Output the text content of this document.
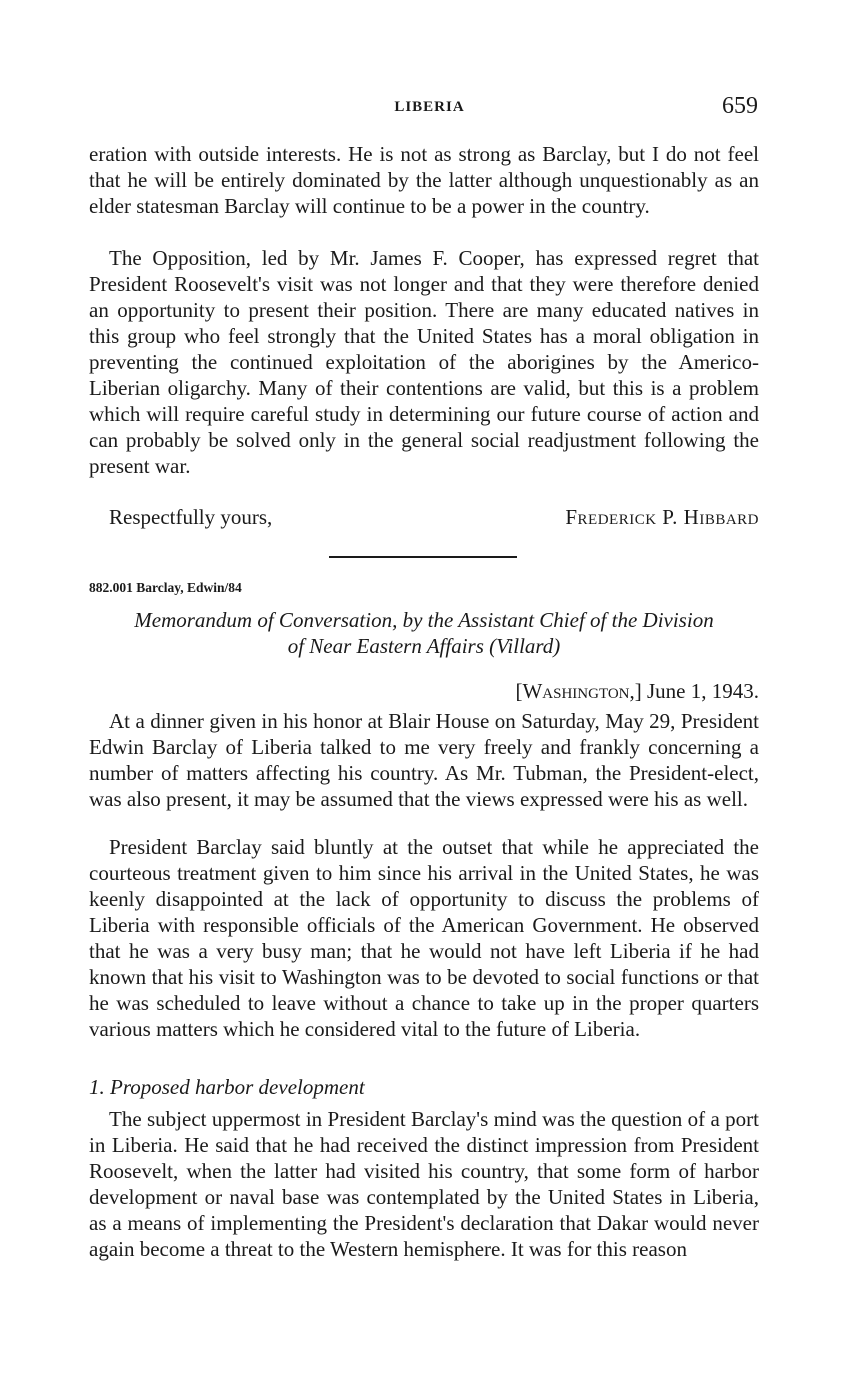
LIBERIA	659

eration with outside interests. He is not as strong as Barclay, but I do not feel that he will be entirely dominated by the latter although unquestionably as an elder statesman Barclay will continue to be a power in the country.

The Opposition, led by Mr. James F. Cooper, has expressed regret that President Roosevelt's visit was not longer and that they were therefore denied an opportunity to present their position. There are many educated natives in this group who feel strongly that the United States has a moral obligation in preventing the continued exploitation of the aborigines by the Americo-Liberian oligarchy. Many of their contentions are valid, but this is a problem which will require careful study in determining our future course of action and can probably be solved only in the general social readjustment following the present war.

Respectfully yours,	Frederick P. Hibbard
882.001 Barclay, Edwin/84
Memorandum of Conversation, by the Assistant Chief of the Division
of Near Eastern Affairs (Villard)
[Washington,] June 1, 1943.

At a dinner given in his honor at Blair House on Saturday, May 29, President Edwin Barclay of Liberia talked to me very freely and frankly concerning a number of matters affecting his country. As Mr. Tubman, the President-elect, was also present, it may be assumed that the views expressed were his as well.

President Barclay said bluntly at the outset that while he appreciated the courteous treatment given to him since his arrival in the United States, he was keenly disappointed at the lack of opportunity to discuss the problems of Liberia with responsible officials of the American Government. He observed that he was a very busy man; that he would not have left Liberia if he had known that his visit to Washington was to be devoted to social functions or that he was scheduled to leave without a chance to take up in the proper quarters various matters which he considered vital to the future of Liberia.

1. Proposed harbor development

The subject uppermost in President Barclay's mind was the question of a port in Liberia. He said that he had received the distinct impression from President Roosevelt, when the latter had visited his country, that some form of harbor development or naval base was contemplated by the United States in Liberia, as a means of implementing the President's declaration that Dakar would never again become a threat to the Western hemisphere. It was for this reason
